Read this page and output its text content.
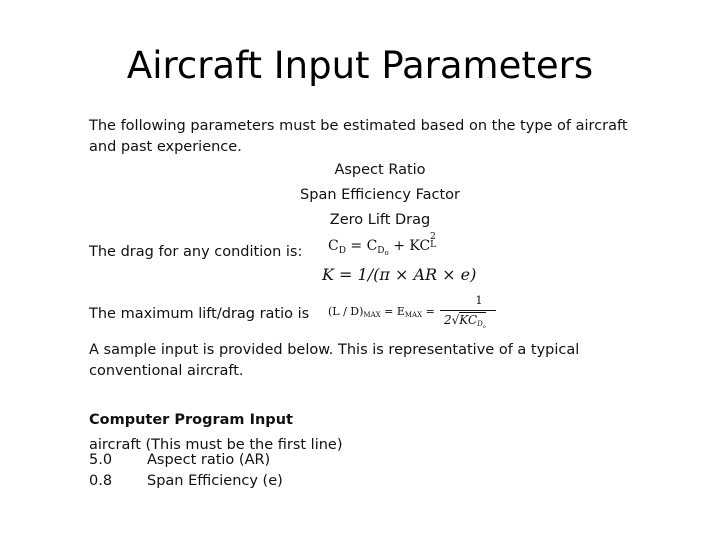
Aircraft Input Parameters
The following parameters must be estimated based on the type of aircraft and past experience.
Aspect Ratio
Span Efficiency Factor
Zero Lift Drag
The drag for any condition is:	$C_D = C_{Do}$ + KC
2
L
K = 1/(π × AR × e)
The maximum lift/drag ratio is	(L / D)MAX = EMAX =
1
$2√KCD_o$
A sample input is provided below. This is representative of a typical conventional aircraft.
Computer Program Input
aircraft (This must be the first line)
5.0 Aspect ratio (AR)
0.8 Span Efficiency (e)
